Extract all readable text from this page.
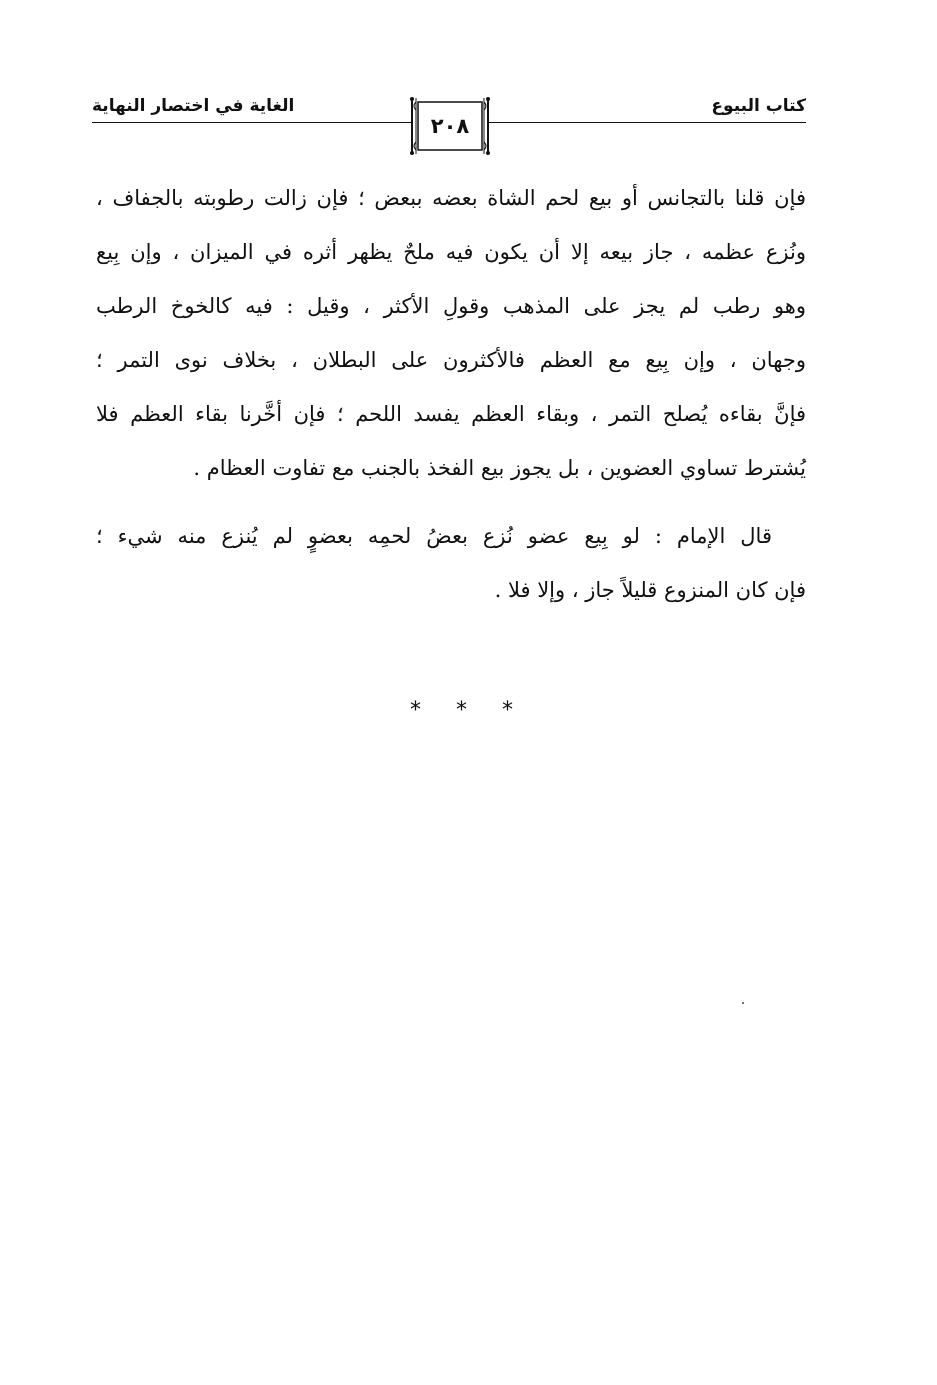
كتاب البيوع
الغاية في اختصار النهاية
٢٠٨
فإن قلنا بالتجانس أو بيع لحم الشاة بعضه ببعض ؛ فإن زالت رطوبته بالجفاف ،
ونُزع عظمه ، جاز بيعه إلا أن يكون فيه ملحٌ يظهر أثره في الميزان ، وإن بِيع
وهو رطب لم يجز على المذهب وقولِ الأكثر ، وقيل : فيه كالخوخ الرطب
وجهان ، وإن بِيع مع العظم فالأكثرون على البطلان ، بخلاف نوى التمر ؛
فإنَّ بقاءه يُصلح التمر ، وبقاء العظم يفسد اللحم ؛ فإن أخَّرنا بقاء العظم فلا
يُشترط تساوي العضوين ، بل يجوز بيع الفخذ بالجنب مع تفاوت العظام .
قال الإمام : لو بِيع عضو نُزع بعضُ لحمِه بعضوٍ لم يُنزع منه شيء ؛
فإن كان المنزوع قليلاً جاز ، وإلا فلا .
* * *
